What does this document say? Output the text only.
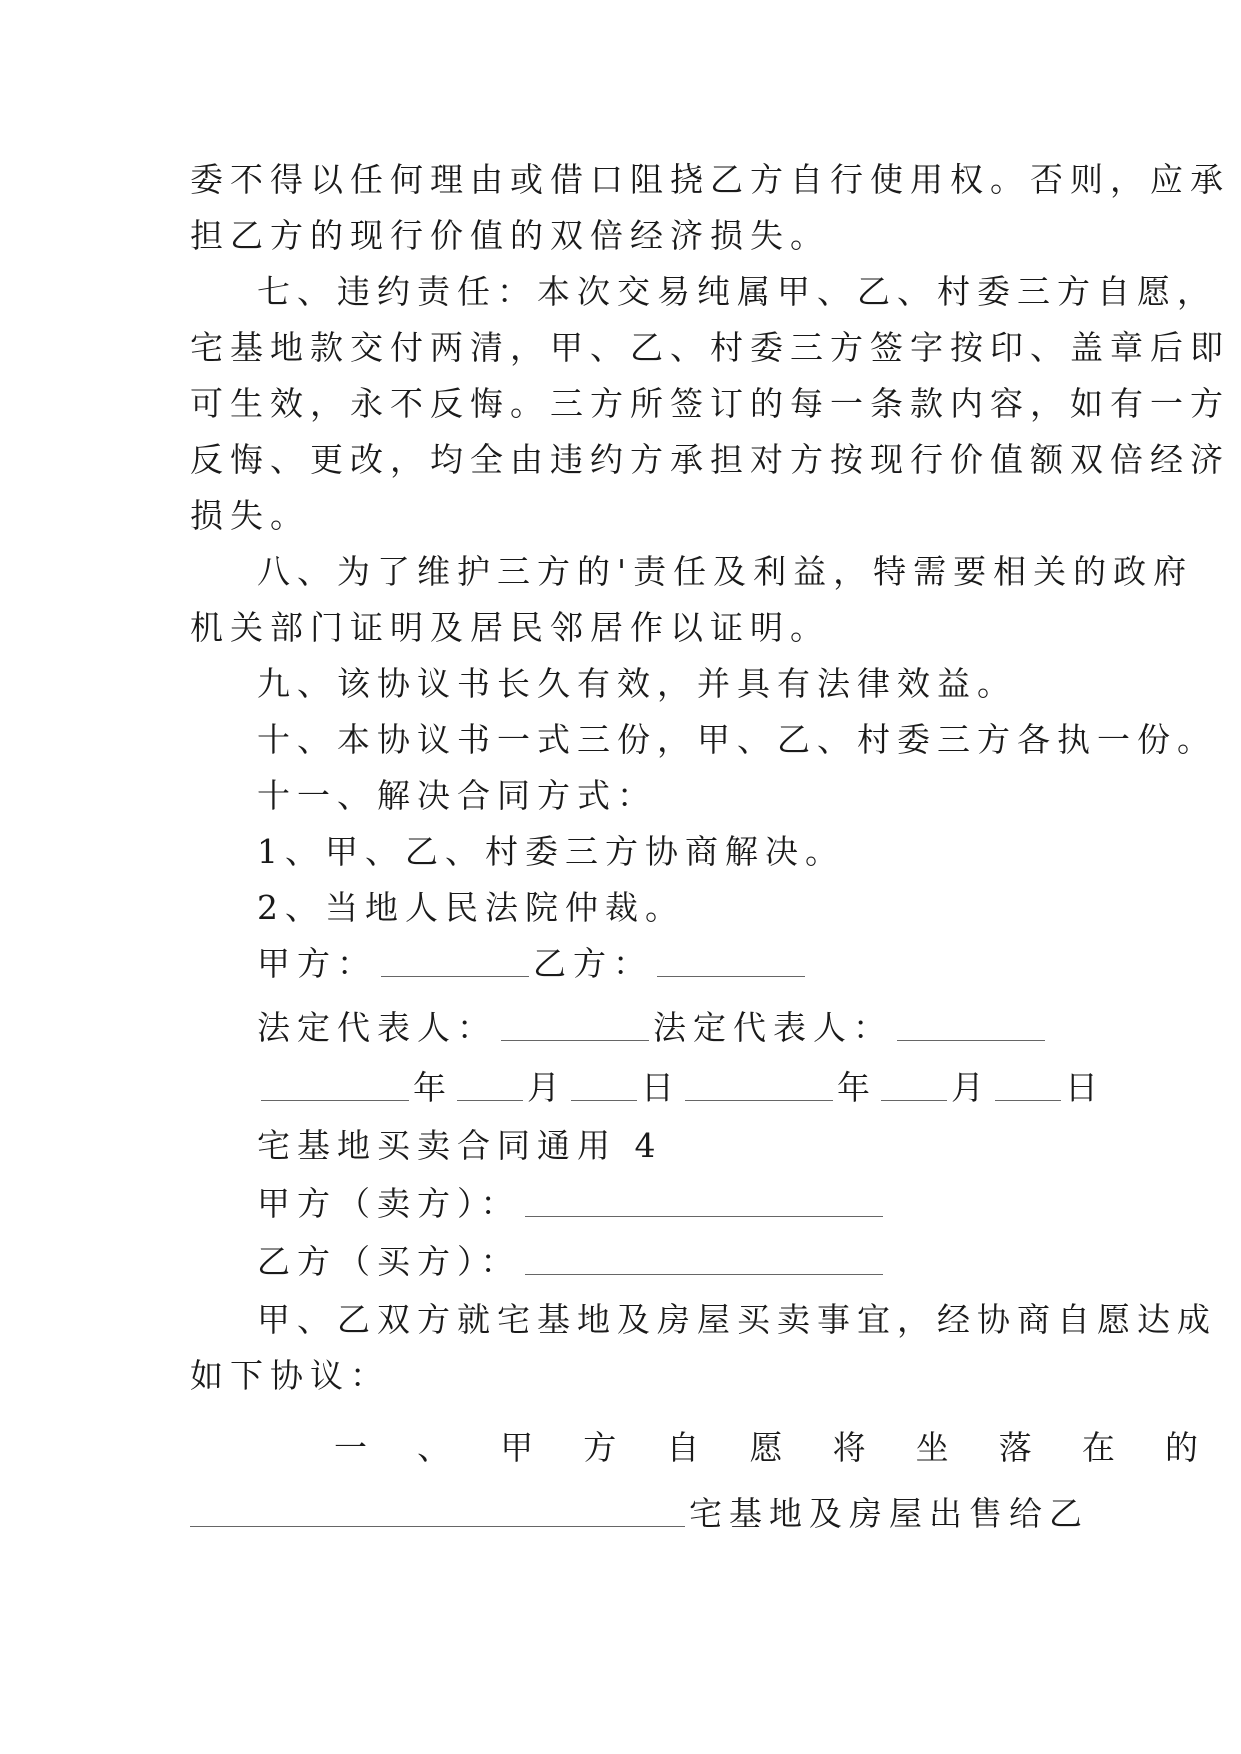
委不得以任何理由或借口阻挠乙方自行使用权。否则，应承
担乙方的现行价值的双倍经济损失。
七、违约责任：本次交易纯属甲、乙、村委三方自愿，
宅基地款交付两清，甲、乙、村委三方签字按印、盖章后即
可生效，永不反悔。三方所签订的每一条款内容，如有一方
反悔、更改，均全由违约方承担对方按现行价值额双倍经济
损失。
八、为了维护三方的'责任及利益，特需要相关的政府
机关部门证明及居民邻居作以证明。
九、该协议书长久有效，并具有法律效益。
十、本协议书一式三份，甲、乙、村委三方各执一份。
十一、解决合同方式：
1、甲、乙、村委三方协商解决。
2、当地人民法院仲裁。
甲方：	乙方：
法定代表人：	法定代表人：
年 月 日	年 月 日
宅基地买卖合同通用 4
甲方（卖方）：
乙方（买方）：
甲、乙双方就宅基地及房屋买卖事宜，经协商自愿达成
如下协议：
一 、 甲 方 自 愿 将 坐 落 在 的
宅基地及房屋出售给乙
